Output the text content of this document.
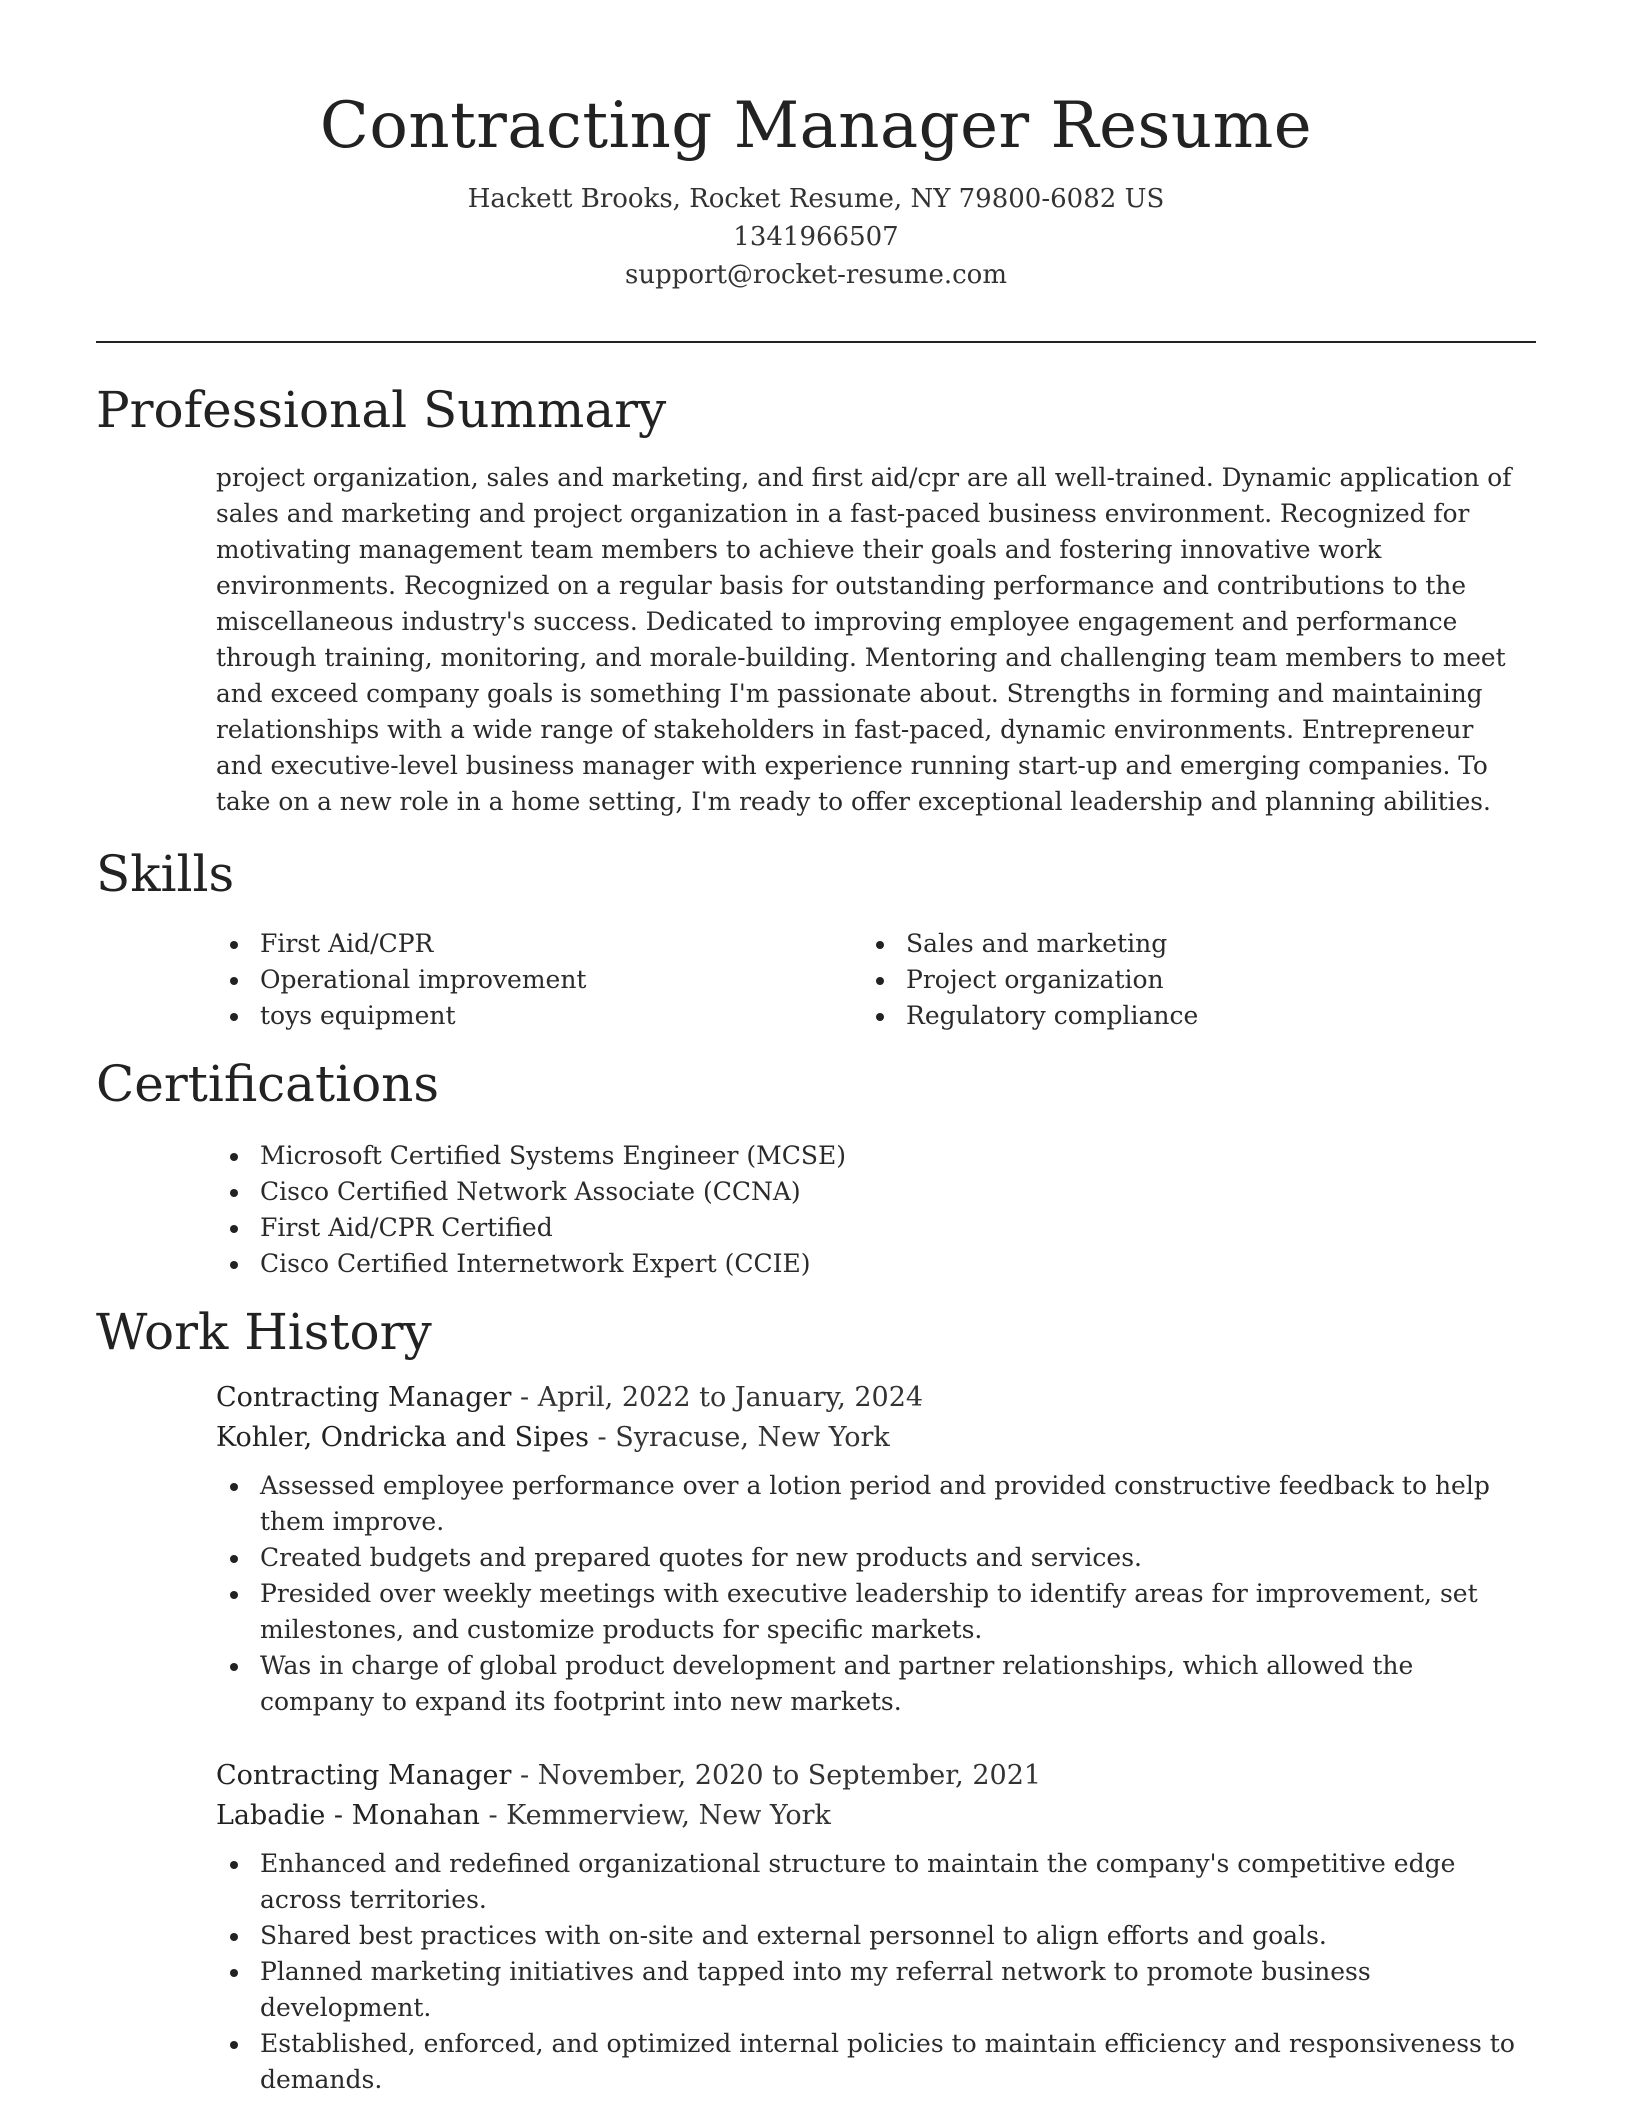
Contracting Manager Resume
Hackett Brooks, Rocket Resume, NY 79800-6082 US
1341966507
support@rocket-resume.com
Professional Summary

project organization, sales and marketing, and first aid/cpr are all well-trained. Dynamic application of sales and marketing and project organization in a fast-paced business environment. Recognized for motivating management team members to achieve their goals and fostering innovative work environments. Recognized on a regular basis for outstanding performance and contributions to the miscellaneous industry's success. Dedicated to improving employee engagement and performance through training, monitoring, and morale-building. Mentoring and challenging team members to meet and exceed company goals is something I'm passionate about. Strengths in forming and maintaining relationships with a wide range of stakeholders in fast-paced, dynamic environments. Entrepreneur and executive-level business manager with experience running start-up and emerging companies. To take on a new role in a home setting, I'm ready to offer exceptional leadership and planning abilities.

Skills
First Aid/CPR
Operational improvement
toys equipment
Sales and marketing
Project organization
Regulatory compliance
Certifications
Microsoft Certified Systems Engineer (MCSE)
Cisco Certified Network Associate (CCNA)
First Aid/CPR Certified
Cisco Certified Internetwork Expert (CCIE)
Work History
Contracting Manager - April, 2022 to January, 2024
Kohler, Ondricka and Sipes - Syracuse, New York
Assessed employee performance over a lotion period and provided constructive feedback to help them improve.
Created budgets and prepared quotes for new products and services.
Presided over weekly meetings with executive leadership to identify areas for improvement, set milestones, and customize products for specific markets.
Was in charge of global product development and partner relationships, which allowed the company to expand its footprint into new markets.
Contracting Manager - November, 2020 to September, 2021
Labadie - Monahan - Kemmerview, New York
Enhanced and redefined organizational structure to maintain the company's competitive edge across territories.
Shared best practices with on-site and external personnel to align efforts and goals.
Planned marketing initiatives and tapped into my referral network to promote business development.
Established, enforced, and optimized internal policies to maintain efficiency and responsiveness to demands.
